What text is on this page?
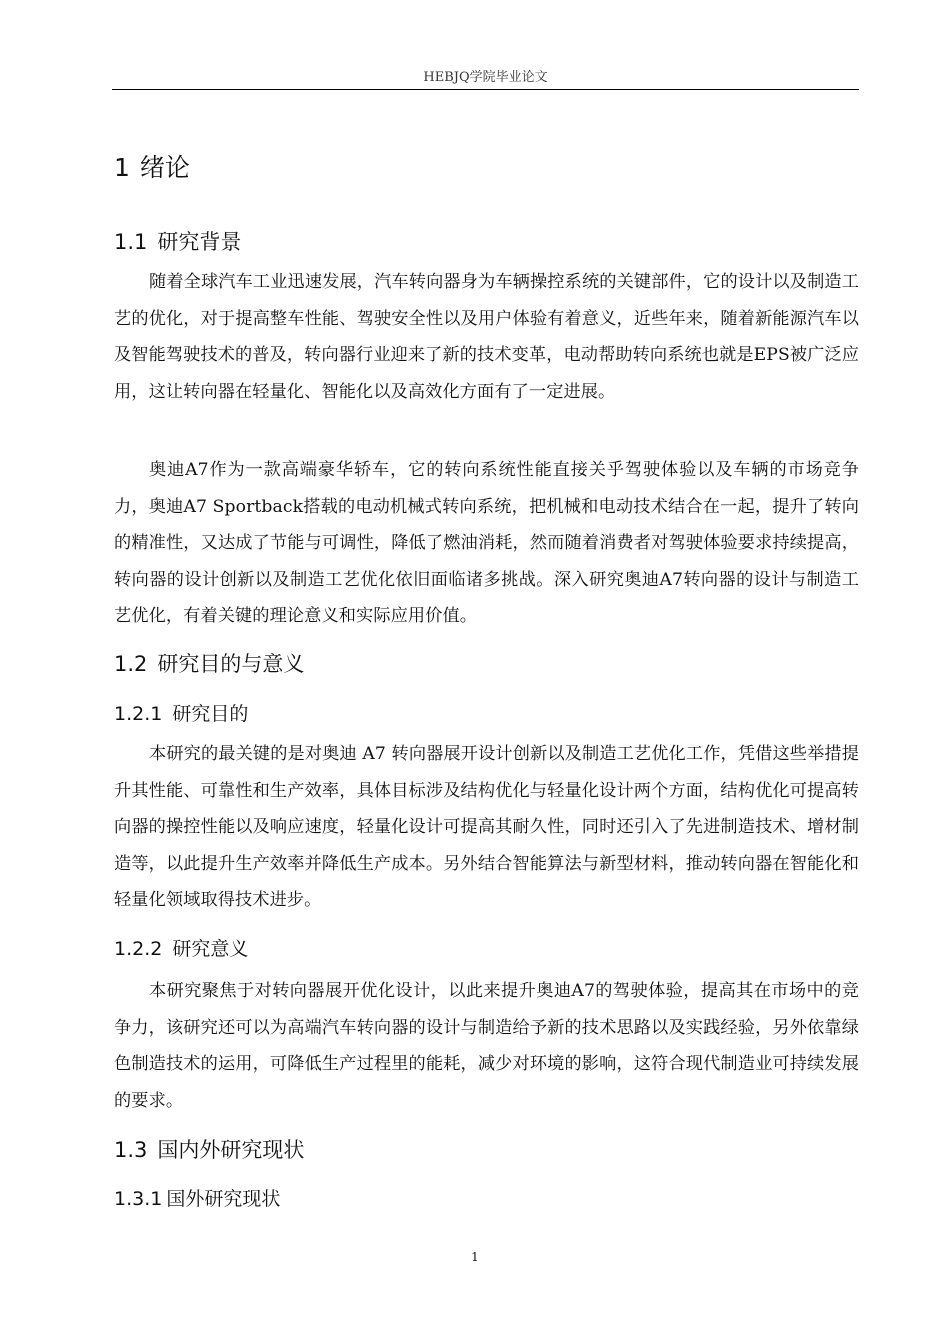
HEBJQ学院毕业论文
1 绪论
1.1 研究背景

随着全球汽车工业迅速发展，汽车转向器身为车辆操控系统的关键部件，它的设计以及制造工艺的优化，对于提高整车性能、驾驶安全性以及用户体验有着意义，近些年来，随着新能源汽车以及智能驾驶技术的普及，转向器行业迎来了新的技术变革，电动帮助转向系统也就是EPS被广泛应用，这让转向器在轻量化、智能化以及高效化方面有了一定进展。

奥迪A7作为一款高端豪华轿车，它的转向系统性能直接关乎驾驶体验以及车辆的市场竞争力，奥迪A7 Sportback搭载的电动机械式转向系统，把机械和电动技术结合在一起，提升了转向的精准性，又达成了节能与可调性，降低了燃油消耗，然而随着消费者对驾驶体验要求持续提高，转向器的设计创新以及制造工艺优化依旧面临诸多挑战。深入研究奥迪A7转向器的设计与制造工艺优化，有着关键的理论意义和实际应用价值。

1.2 研究目的与意义
1.2.1 研究目的

本研究的最关键的是对奥迪 A7 转向器展开设计创新以及制造工艺优化工作，凭借这些举措提升其性能、可靠性和生产效率，具体目标涉及结构优化与轻量化设计两个方面，结构优化可提高转向器的操控性能以及响应速度，轻量化设计可提高其耐久性，同时还引入了先进制造技术、增材制造等，以此提升生产效率并降低生产成本。另外结合智能算法与新型材料，推动转向器在智能化和轻量化领域取得技术进步。

1.2.2 研究意义

本研究聚焦于对转向器展开优化设计，以此来提升奥迪A7的驾驶体验，提高其在市场中的竞争力，该研究还可以为高端汽车转向器的设计与制造给予新的技术思路以及实践经验，另外依靠绿色制造技术的运用，可降低生产过程里的能耗，减少对环境的影响，这符合现代制造业可持续发展的要求。

1.3 国内外研究现状
1.3.1 国外研究现状
1
